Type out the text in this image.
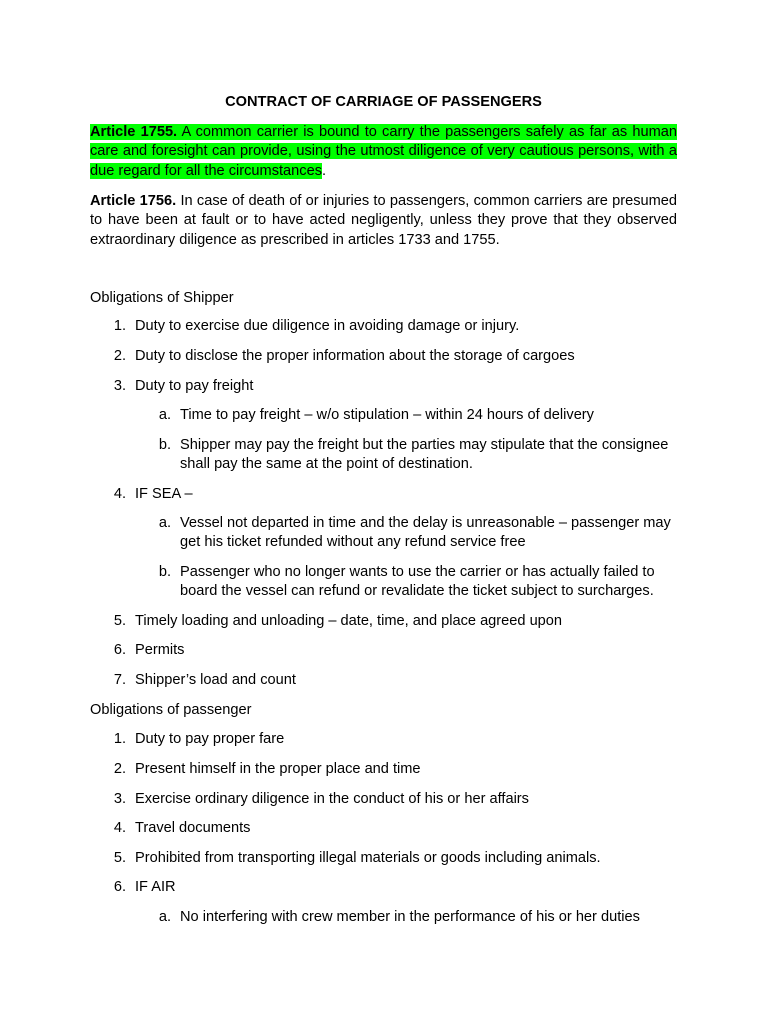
CONTRACT OF CARRIAGE OF PASSENGERS

Article 1755. A common carrier is bound to carry the passengers safely as far as human care and foresight can provide, using the utmost diligence of very cautious persons, with a due regard for all the circumstances.

Article 1756. In case of death of or injuries to passengers, common carriers are presumed to have been at fault or to have acted negligently, unless they prove that they observed extraordinary diligence as prescribed in articles 1733 and 1755.

Obligations of Shipper
1. Duty to exercise due diligence in avoiding damage or injury.
2. Duty to disclose the proper information about the storage of cargoes
3. Duty to pay freight
a. Time to pay freight – w/o stipulation – within 24 hours of delivery
b. Shipper may pay the freight but the parties may stipulate that the consignee shall pay the same at the point of destination.
4. IF SEA –
a. Vessel not departed in time and the delay is unreasonable – passenger may get his ticket refunded without any refund service free
b. Passenger who no longer wants to use the carrier or has actually failed to board the vessel can refund or revalidate the ticket subject to surcharges.
5. Timely loading and unloading – date, time, and place agreed upon
6. Permits
7. Shipper’s load and count
Obligations of passenger
1. Duty to pay proper fare
2. Present himself in the proper place and time
3. Exercise ordinary diligence in the conduct of his or her affairs
4. Travel documents
5. Prohibited from transporting illegal materials or goods including animals.
6. IF AIR
a. No interfering with crew member in the performance of his or her duties
